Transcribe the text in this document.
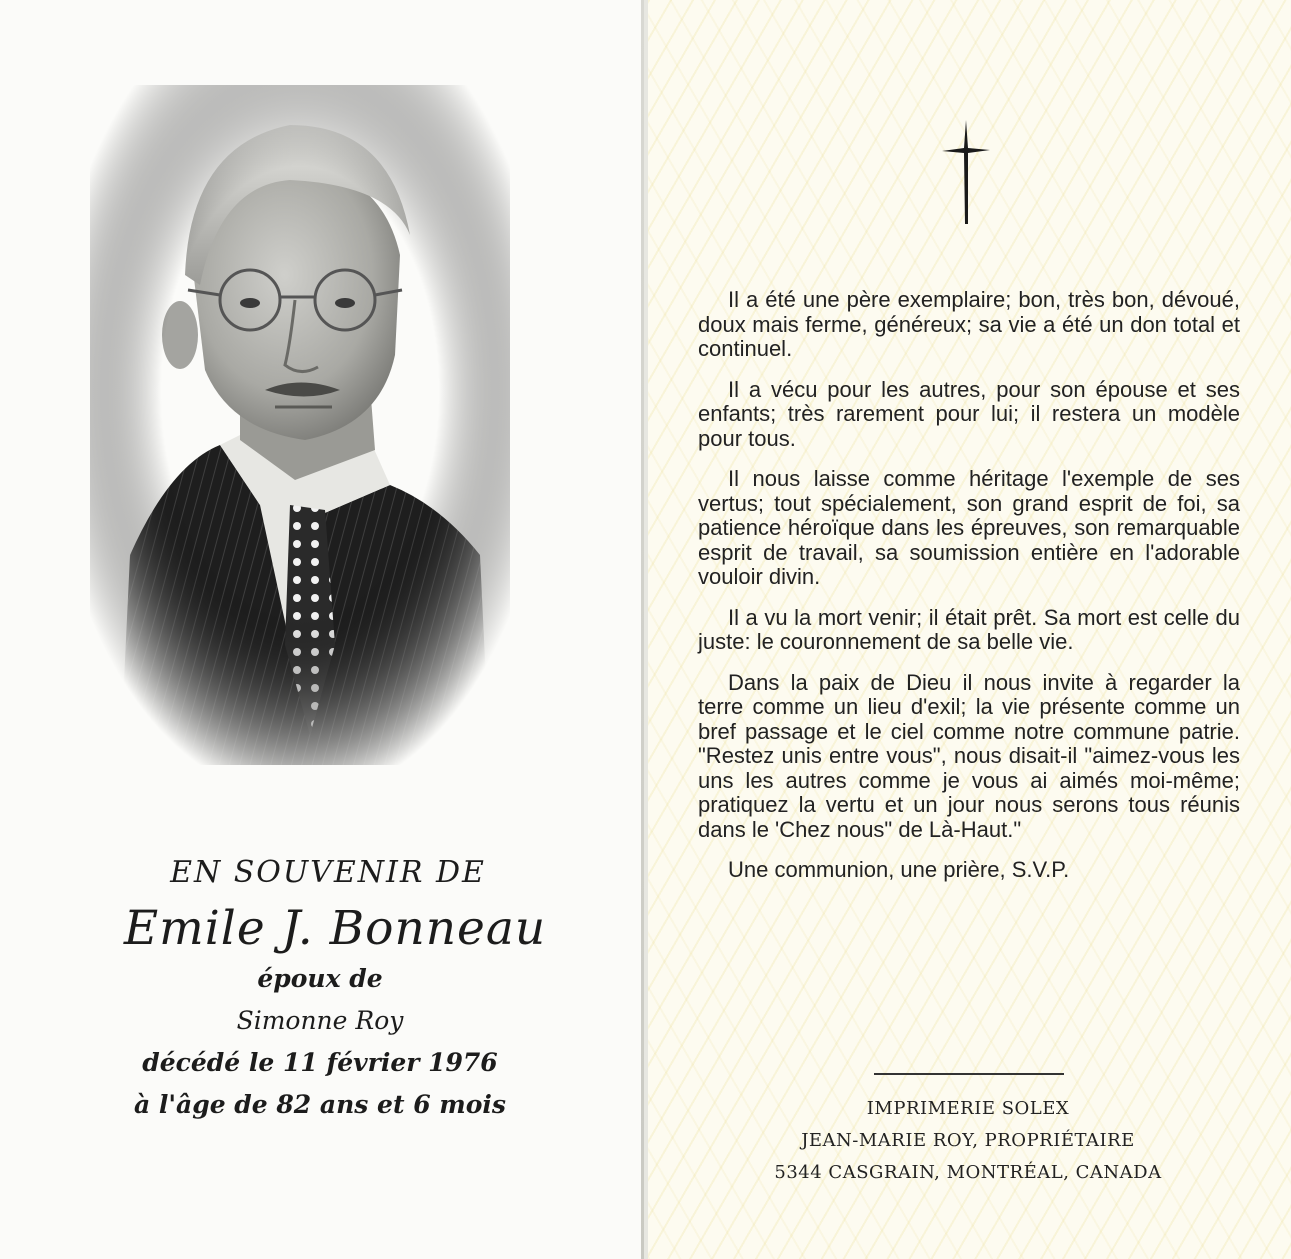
EN SOUVENIR DE
Emile J. Bonneau
époux de
Simonne Roy
décédé le 11 février 1976
à l'âge de 82 ans et 6 mois

Il a été une père exemplaire; bon, très bon, dévoué, doux mais ferme, généreux; sa vie a été un don total et continuel.

Il a vécu pour les autres, pour son épouse et ses enfants; très rarement pour lui; il restera un modèle pour tous.

Il nous laisse comme héritage l'exemple de ses vertus; tout spécialement, son grand esprit de foi, sa patience héroïque dans les épreuves, son remarquable esprit de travail, sa soumission entière en l'adorable vouloir divin.

Il a vu la mort venir; il était prêt. Sa mort est celle du juste: le couronnement de sa belle vie.

Dans la paix de Dieu il nous invite à regarder la terre comme un lieu d'exil; la vie présente comme un bref passage et le ciel comme notre commune patrie. "Restez unis entre vous", nous disait-il "aimez-vous les uns les autres comme je vous ai aimés moi-même; pratiquez la vertu et un jour nous serons tous réunis dans le 'Chez nous" de Là-Haut."

Une communion, une prière, S.V.P.

IMPRIMERIE SOLEX
JEAN-MARIE ROY, PROPRIÉTAIRE
5344 CASGRAIN, MONTRÉAL, CANADA
